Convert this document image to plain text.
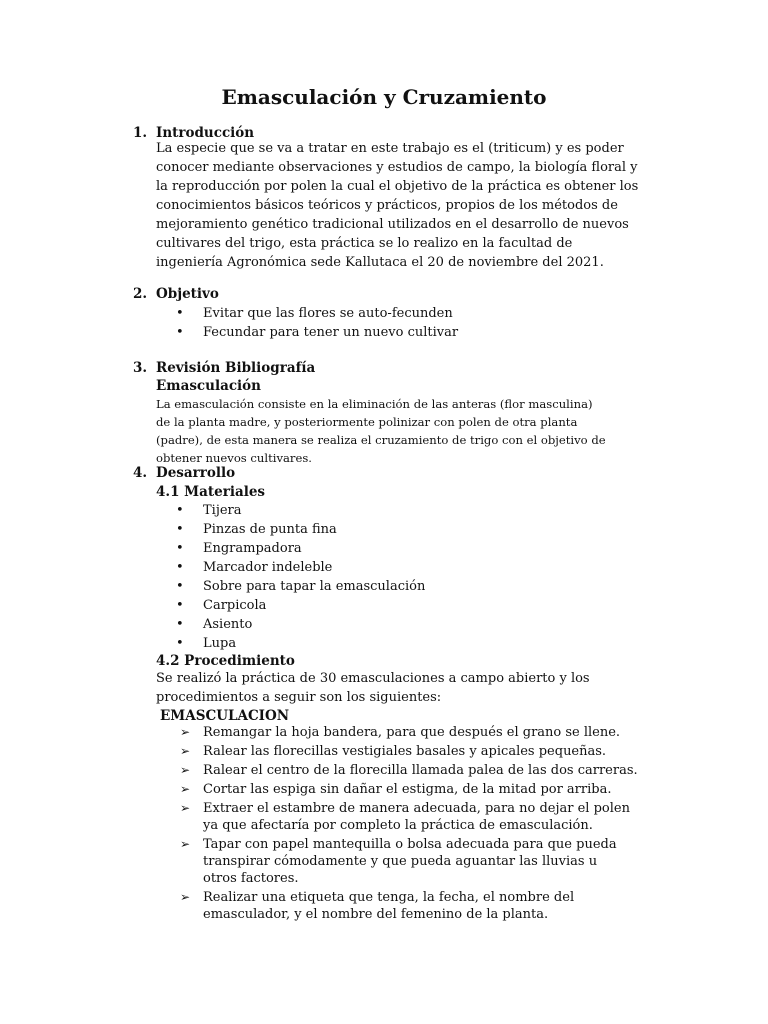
Emasculación y Cruzamiento
1. Introducción
La especie que se va a tratar en este trabajo es el (triticum) y es poder
conocer mediante observaciones y estudios de campo, la biología floral y
la reproducción por polen la cual el objetivo de la práctica es obtener los
conocimientos básicos teóricos y prácticos, propios de los métodos de
mejoramiento genético tradicional utilizados en el desarrollo de nuevos
cultivares del trigo, esta práctica se lo realizo en la facultad de
ingeniería Agronómica sede Kallutaca el 20 de noviembre del 2021.
2. Objetivo
• Evitar que las flores se auto-fecunden
• Fecundar para tener un nuevo cultivar
3. Revisión Bibliografía
Emasculación
La emasculación consiste en la eliminación de las anteras (flor masculina)
de la planta madre, y posteriormente polinizar con polen de otra planta
(padre), de esta manera se realiza el cruzamiento de trigo con el objetivo de
obtener nuevos cultivares.
4. Desarrollo
4.1 Materiales
• Tijera
• Pinzas de punta fina
• Engrampadora
• Marcador indeleble
• Sobre para tapar la emasculación
• Carpicola
• Asiento
• Lupa
4.2 Procedimiento
Se realizó la práctica de 30 emasculaciones a campo abierto y los
procedimientos a seguir son los siguientes:
EMASCULACION
➢ Remangar la hoja bandera, para que después el grano se llene.
➢ Ralear las florecillas vestigiales basales y apicales pequeñas.
➢ Ralear el centro de la florecilla llamada palea de las dos carreras.
➢ Cortar las espiga sin dañar el estigma, de la mitad por arriba.
➢ Extraer el estambre de manera adecuada, para no dejar el polen
ya que afectaría por completo la práctica de emasculación.
➢ Tapar con papel mantequilla o bolsa adecuada para que pueda
transpirar cómodamente y que pueda aguantar las lluvias u
otros factores.
➢ Realizar una etiqueta que tenga, la fecha, el nombre del
emasculador, y el nombre del femenino de la planta.
